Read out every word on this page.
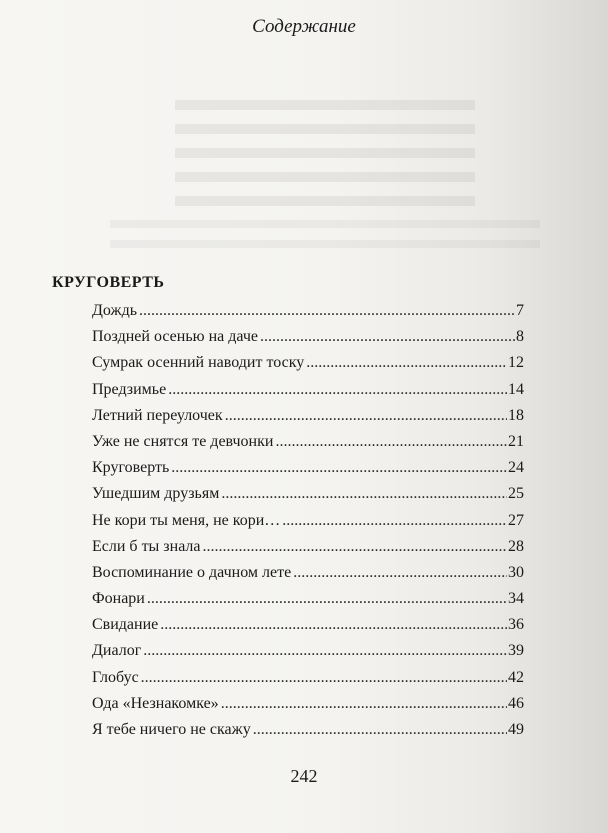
Содержание
КРУГОВЕРТЬ
Дождь .....	7
Поздней осенью на даче .....	8
Сумрак осенний наводит тоску .....	12
Предзимье .....	14
Летний переулочек .....	18
Уже не снятся те девчонки .....	21
Круговерть .....	24
Ушедшим друзьям .....	25
Не кори ты меня, не кори… .....	27
Если б ты знала .....	28
Воспоминание о дачном лете .....	30
Фонари .....	34
Свидание .....	36
Диалог .....	39
Глобус .....	42
Ода «Незнакомке» .....	46
Я тебе ничего не скажу .....	49
242
